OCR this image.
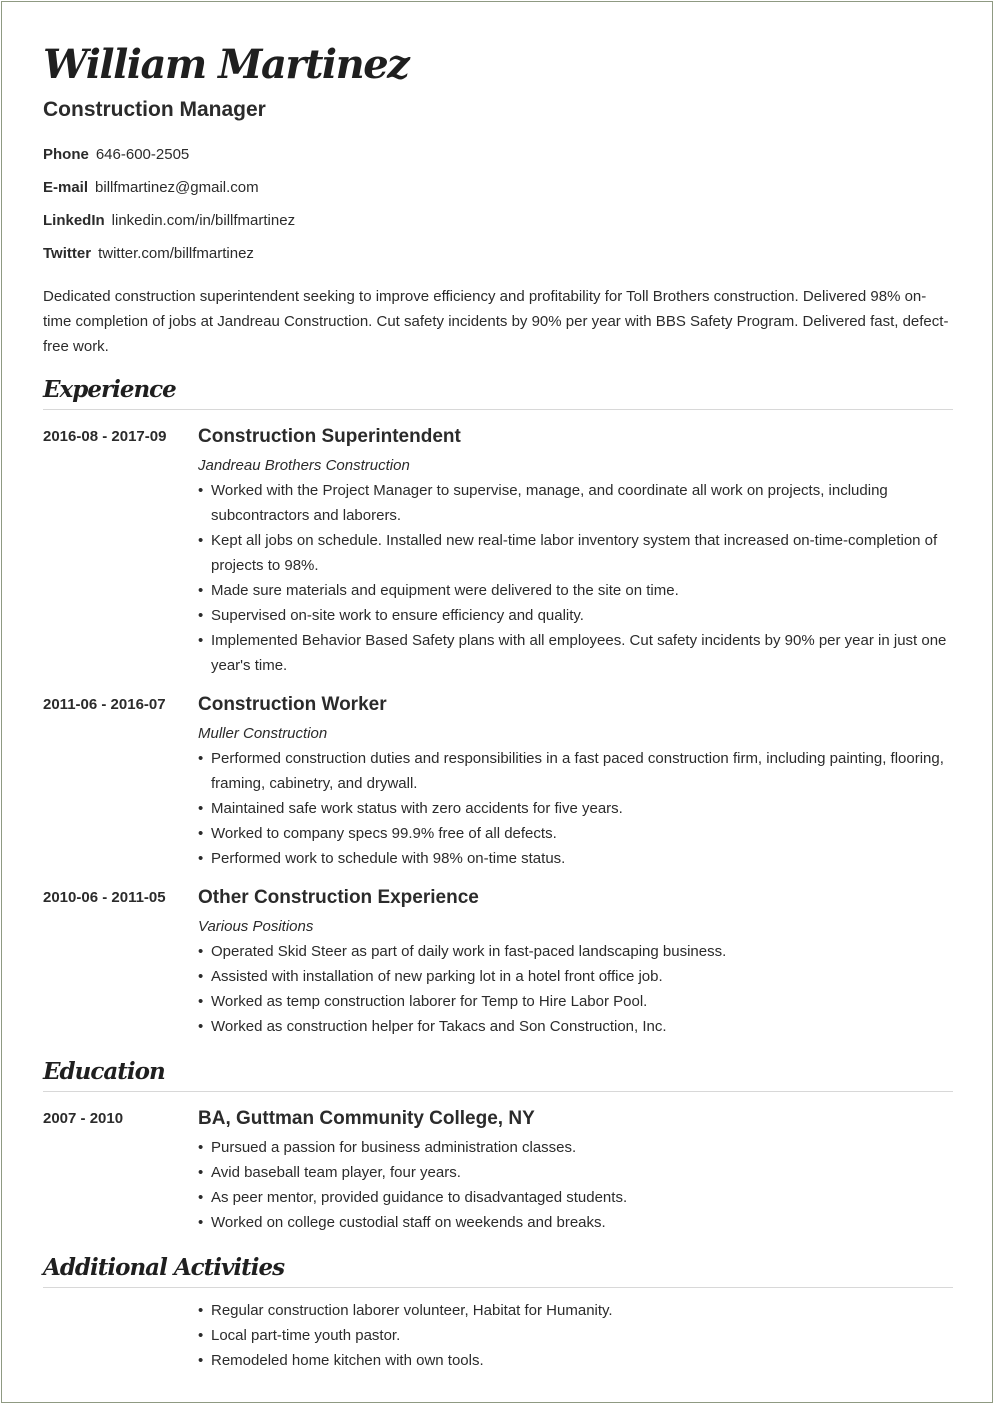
William Martinez
Construction Manager
Phone 646-600-2505
E-mail billfmartinez@gmail.com
LinkedIn linkedin.com/in/billfmartinez
Twitter twitter.com/billfmartinez
Dedicated construction superintendent seeking to improve efficiency and profitability for Toll Brothers construction. Delivered 98% on-time completion of jobs at Jandreau Construction. Cut safety incidents by 90% per year with BBS Safety Program. Delivered fast, defect-free work.
Experience
2016-08 - 2017-09	Construction Superintendent
Jandreau Brothers Construction
• Worked with the Project Manager to supervise, manage, and coordinate all work on projects, including subcontractors and laborers.
• Kept all jobs on schedule. Installed new real-time labor inventory system that increased on-time-completion of projects to 98%.
• Made sure materials and equipment were delivered to the site on time.
• Supervised on-site work to ensure efficiency and quality.
• Implemented Behavior Based Safety plans with all employees. Cut safety incidents by 90% per year in just one year's time.
2011-06 - 2016-07	Construction Worker
Muller Construction
• Performed construction duties and responsibilities in a fast paced construction firm, including painting, flooring, framing, cabinetry, and drywall.
• Maintained safe work status with zero accidents for five years.
• Worked to company specs 99.9% free of all defects.
• Performed work to schedule with 98% on-time status.
2010-06 - 2011-05	Other Construction Experience
Various Positions
• Operated Skid Steer as part of daily work in fast-paced landscaping business.
• Assisted with installation of new parking lot in a hotel front office job.
• Worked as temp construction laborer for Temp to Hire Labor Pool.
• Worked as construction helper for Takacs and Son Construction, Inc.
Education
2007 - 2010	BA, Guttman Community College, NY
• Pursued a passion for business administration classes.
• Avid baseball team player, four years.
• As peer mentor, provided guidance to disadvantaged students.
• Worked on college custodial staff on weekends and breaks.
Additional Activities
• Regular construction laborer volunteer, Habitat for Humanity.
• Local part-time youth pastor.
• Remodeled home kitchen with own tools.
